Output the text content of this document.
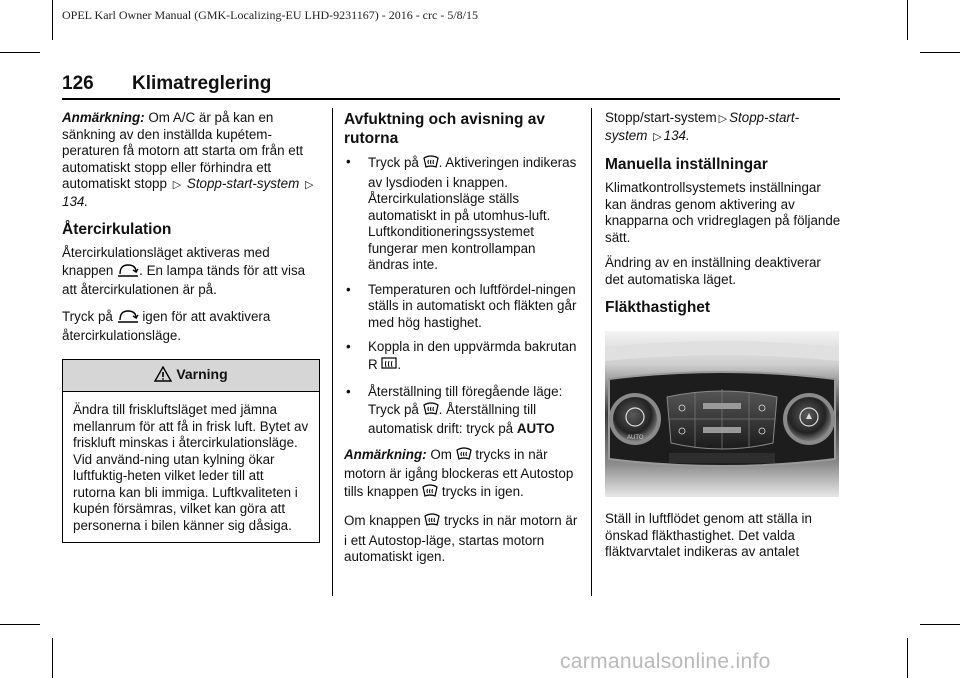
OPEL Karl Owner Manual (GMK-Localizing-EU LHD-9231167) - 2016 - crc - 5/8/15
126 Klimatreglering

Anmärkning: Om A/C är på kan en sänkning av den inställda kupétem-peraturen få motorn att starta om från ett automatiskt stopp eller förhindra ett automatiskt stopp ▷ Stopp-start-system ▷134.

Återcirkulation

Återcirkulationsläget aktiveras med knappen . En lampa tänds för att visa att återcirkulationen är på.

Tryck på igen för att avaktivera återcirkulationsläge.

Varning
Ändra till friskluftsläget med jämna mellanrum för att få in frisk luft. Bytet av friskluft minskas i återcirkulationsläge. Vid använd-ning utan kylning ökar luftfuktig-heten vilket leder till att rutorna kan bli immiga. Luftkvaliteten i kupén försämras, vilket kan göra att personerna i bilen känner sig dåsiga.
Avfuktning och avisning av rutorna
• Tryck på . Aktiveringen indikeras av lysdioden i knappen. Återcirkulationsläge ställs automatiskt in på utomhus-luft. Luftkonditioneringssystemet fungerar men kontrollampan ändras inte.
• Temperaturen och luftfördel-ningen ställs in automatiskt och fläkten går med hög hastighet.
• Koppla in den uppvärmda bakrutan R .
• Återställning till föregående läge: Tryck på . Återställning till automatisk drift: tryck på AUTO

Anmärkning: Om trycks in när motorn är igång blockeras ett Autostop tills knappen trycks in igen.

Om knappen trycks in när motorn är i ett Autostop-läge, startas motorn automatiskt igen.

Stopp/start-system ▷ Stopp-start-system ▷ 134.

Manuella inställningar

Klimatkontrollsystemets inställningar kan ändras genom aktivering av knapparna och vridreglagen på följande sätt.

Ändring av en inställning deaktiverar det automatiska läget.

Fläkthastighet
AUTO

Ställ in luftflödet genom att ställa in önskad fläkthastighet. Det valda fläktvarvtalet indikeras av antalet

carmanualsonline.info
